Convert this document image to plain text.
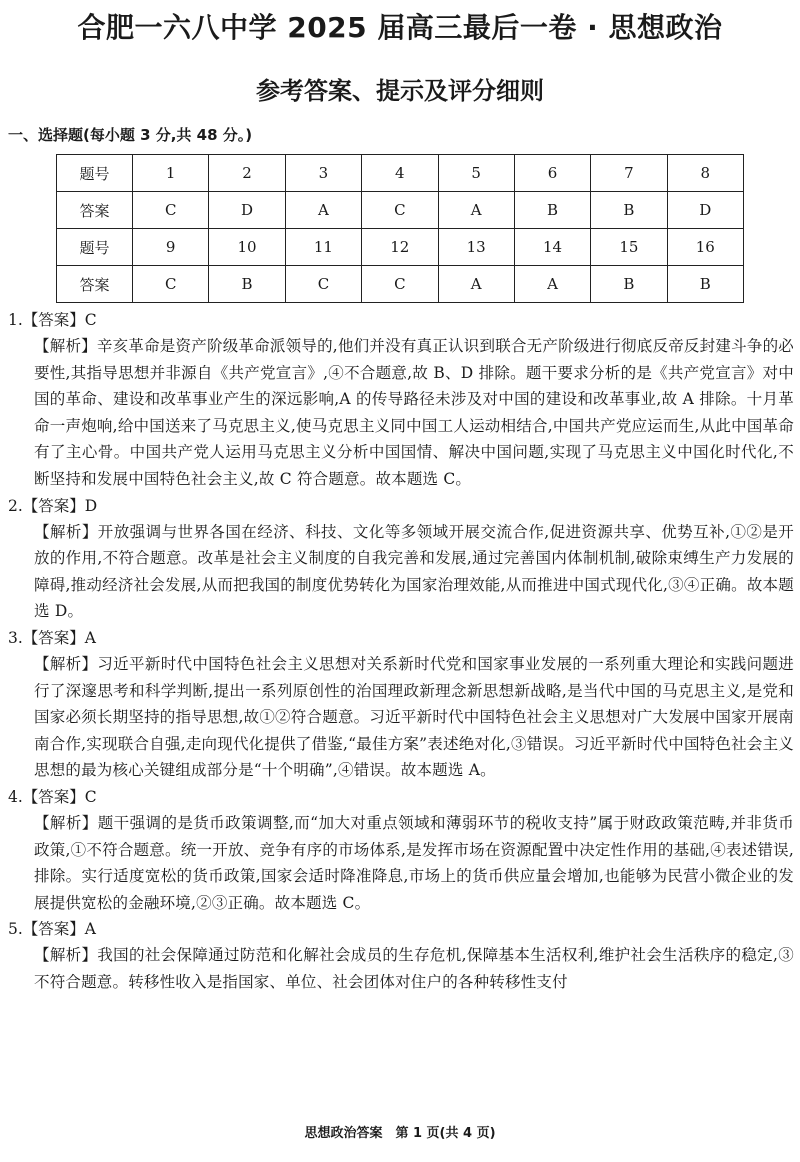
合肥一六八中学 2025 届高三最后一卷 · 思想政治
参考答案、提示及评分细则
一、选择题(每小题 3 分,共 48 分。)
题号	1	2	3	4	5	6	7	8
答案	C	D	A	C	A	B	B	D
题号	9	10	11	12	13	14	15	16
答案	C	B	C	C	A	A	B	B
1.【答案】C
【解析】辛亥革命是资产阶级革命派领导的,他们并没有真正认识到联合无产阶级进行彻底反帝反封建斗争的必要性,其指导思想并非源自《共产党宣言》,④不合题意,故 B、D 排除。题干要求分析的是《共产党宣言》对中国的革命、建设和改革事业产生的深远影响,A 的传导路径未涉及对中国的建设和改革事业,故 A 排除。十月革命一声炮响,给中国送来了马克思主义,使马克思主义同中国工人运动相结合,中国共产党应运而生,从此中国革命有了主心骨。中国共产党人运用马克思主义分析中国国情、解决中国问题,实现了马克思主义中国化时代化,不断坚持和发展中国特色社会主义,故 C 符合题意。故本题选 C。
2.【答案】D
【解析】开放强调与世界各国在经济、科技、文化等多领域开展交流合作,促进资源共享、优势互补,①②是开放的作用,不符合题意。改革是社会主义制度的自我完善和发展,通过完善国内体制机制,破除束缚生产力发展的障碍,推动经济社会发展,从而把我国的制度优势转化为国家治理效能,从而推进中国式现代化,③④正确。故本题选 D。
3.【答案】A
【解析】习近平新时代中国特色社会主义思想对关系新时代党和国家事业发展的一系列重大理论和实践问题进行了深邃思考和科学判断,提出一系列原创性的治国理政新理念新思想新战略,是当代中国的马克思主义,是党和国家必须长期坚持的指导思想,故①②符合题意。习近平新时代中国特色社会主义思想对广大发展中国家开展南南合作,实现联合自强,走向现代化提供了借鉴,“最佳方案”表述绝对化,③错误。习近平新时代中国特色社会主义思想的最为核心关键组成部分是“十个明确”,④错误。故本题选 A。
4.【答案】C
【解析】题干强调的是货币政策调整,而“加大对重点领域和薄弱环节的税收支持”属于财政政策范畴,并非货币政策,①不符合题意。统一开放、竞争有序的市场体系,是发挥市场在资源配置中决定性作用的基础,④表述错误,排除。实行适度宽松的货币政策,国家会适时降准降息,市场上的货币供应量会增加,也能够为民营小微企业的发展提供宽松的金融环境,②③正确。故本题选 C。
5.【答案】A
【解析】我国的社会保障通过防范和化解社会成员的生存危机,保障基本生活权利,维护社会生活秩序的稳定,③不符合题意。转移性收入是指国家、单位、社会团体对住户的各种转移性支付
思想政治答案　第 1 页(共 4 页)
